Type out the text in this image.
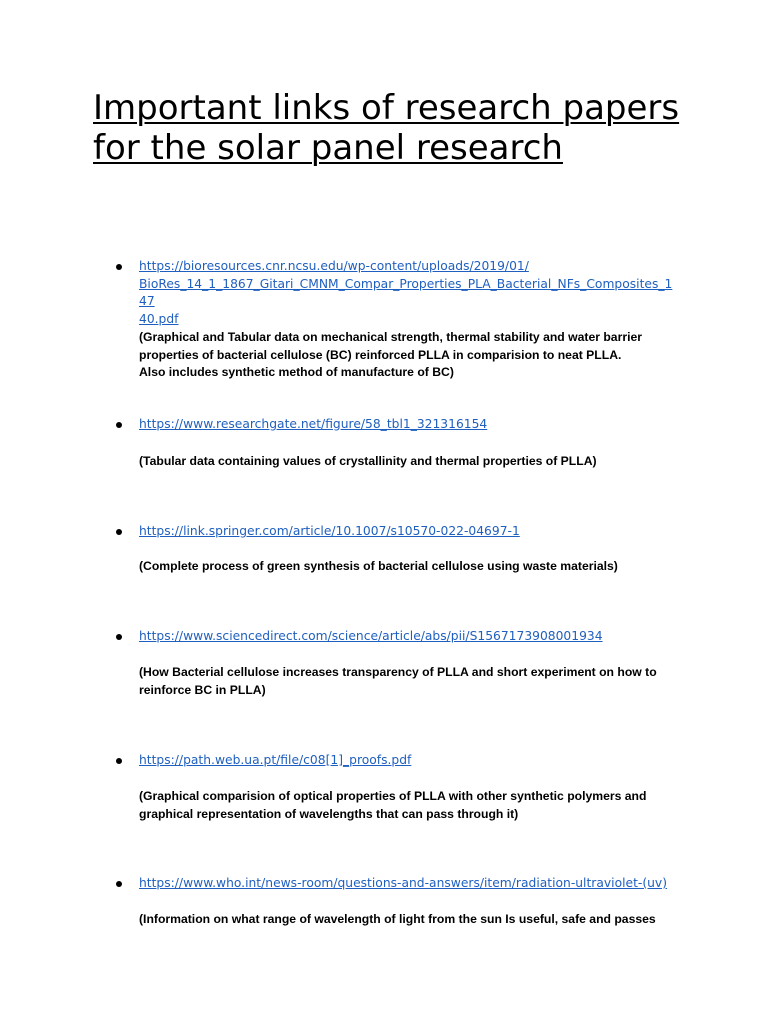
Important links of research papers for the solar panel research
https://bioresources.cnr.ncsu.edu/wp-content/uploads/2019/01/
BioRes_14_1_1867_Gitari_CMNM_Compar_Properties_PLA_Bacterial_NFs_Composites_147
40.pdf
(Graphical and Tabular data on mechanical strength, thermal stability and water barrier
properties of bacterial cellulose (BC) reinforced PLLA in comparision to neat PLLA.
Also includes synthetic method of manufacture of BC)
https://www.researchgate.net/figure/58_tbl1_321316154
(Tabular data containing values of crystallinity and thermal properties of PLLA)
https://link.springer.com/article/10.1007/s10570-022-04697-1
(Complete process of green synthesis of bacterial cellulose using waste materials)
https://www.sciencedirect.com/science/article/abs/pii/S1567173908001934
(How Bacterial cellulose increases transparency of PLLA and short experiment on how to
reinforce BC in PLLA)
https://path.web.ua.pt/file/c08[1]_proofs.pdf
(Graphical comparision of optical properties of PLLA with other synthetic polymers and
graphical representation of wavelengths that can pass through it)
https://www.who.int/news-room/questions-and-answers/item/radiation-ultraviolet-(uv)
(Information on what range of wavelength of light from the sun Is useful, safe and passes
